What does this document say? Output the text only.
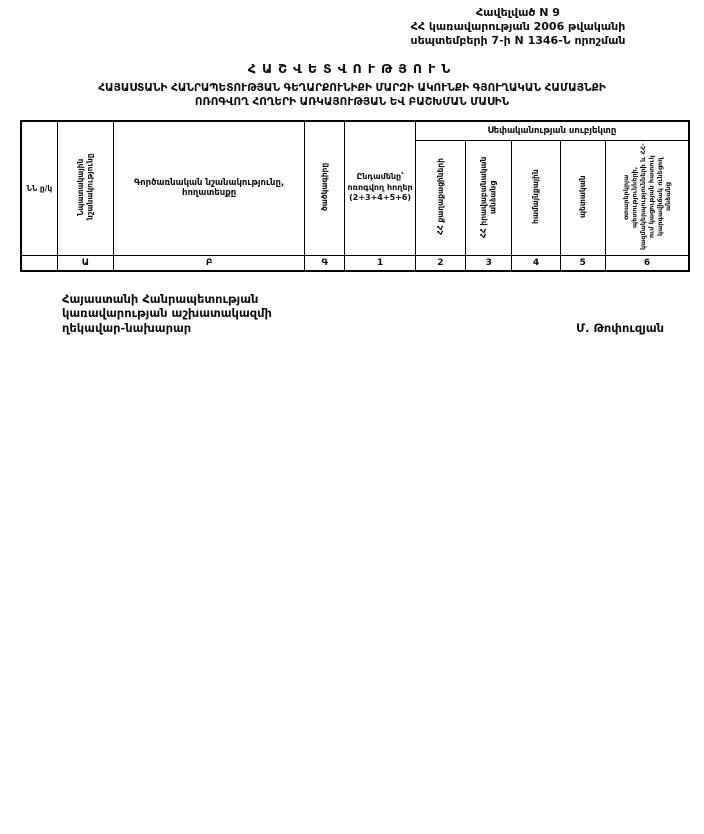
Հավելված N 9
ՀՀ կառավարության 2006 թվականի
սեպտեմբերի 7-ի N 1346-Ն որոշման
ՀԱՇՎԵՏՎՈՒԹՅՈՒՆ
ՀԱՅԱՍՏԱՆԻ ՀԱՆՐԱՊԵՏՈՒԹՅԱՆ ԳԵՂԱՐՔՈՒՆԻՔԻ ՄԱՐԶԻ ԱԿՈՒՆՔԻ ԳՅՈՒՂԱԿԱՆ ՀԱՄԱՅՆՔԻ
ՈՌՈԳՎՈՂ ՀՈՂԵՐԻ ԱՌԿԱՅՈՒԹՅԱՆ ԵՎ ԲԱՇԽՄԱՆ ՄԱՍԻՆ
ՆՆ ը/կ	Նպատակային նշանակությունը	Գործառնական նշանակությունը, հողատեսքը	ծածկագիրը	Ընդամենը՝ ոռոգվող հողեր (2+3+4+5+6)	Սեփականության սուբյեկտը				
					ՀՀ քաղաքացիների	ՀՀ իրավաբանական անձանց	համայնքային	պետական	օտարերկրյա պետությունների, կազմակերպությունների և ՀՀ-ում կացության հատուկ կարգավիճակ ունեցող անձանց
	Ա	Բ	Գ	1	2	3	4	5	6
Հայաստանի Հանրապետության
կառավարության աշխատակազմի
ղեկավար-նախարար	Մ. Թոփուզյան
